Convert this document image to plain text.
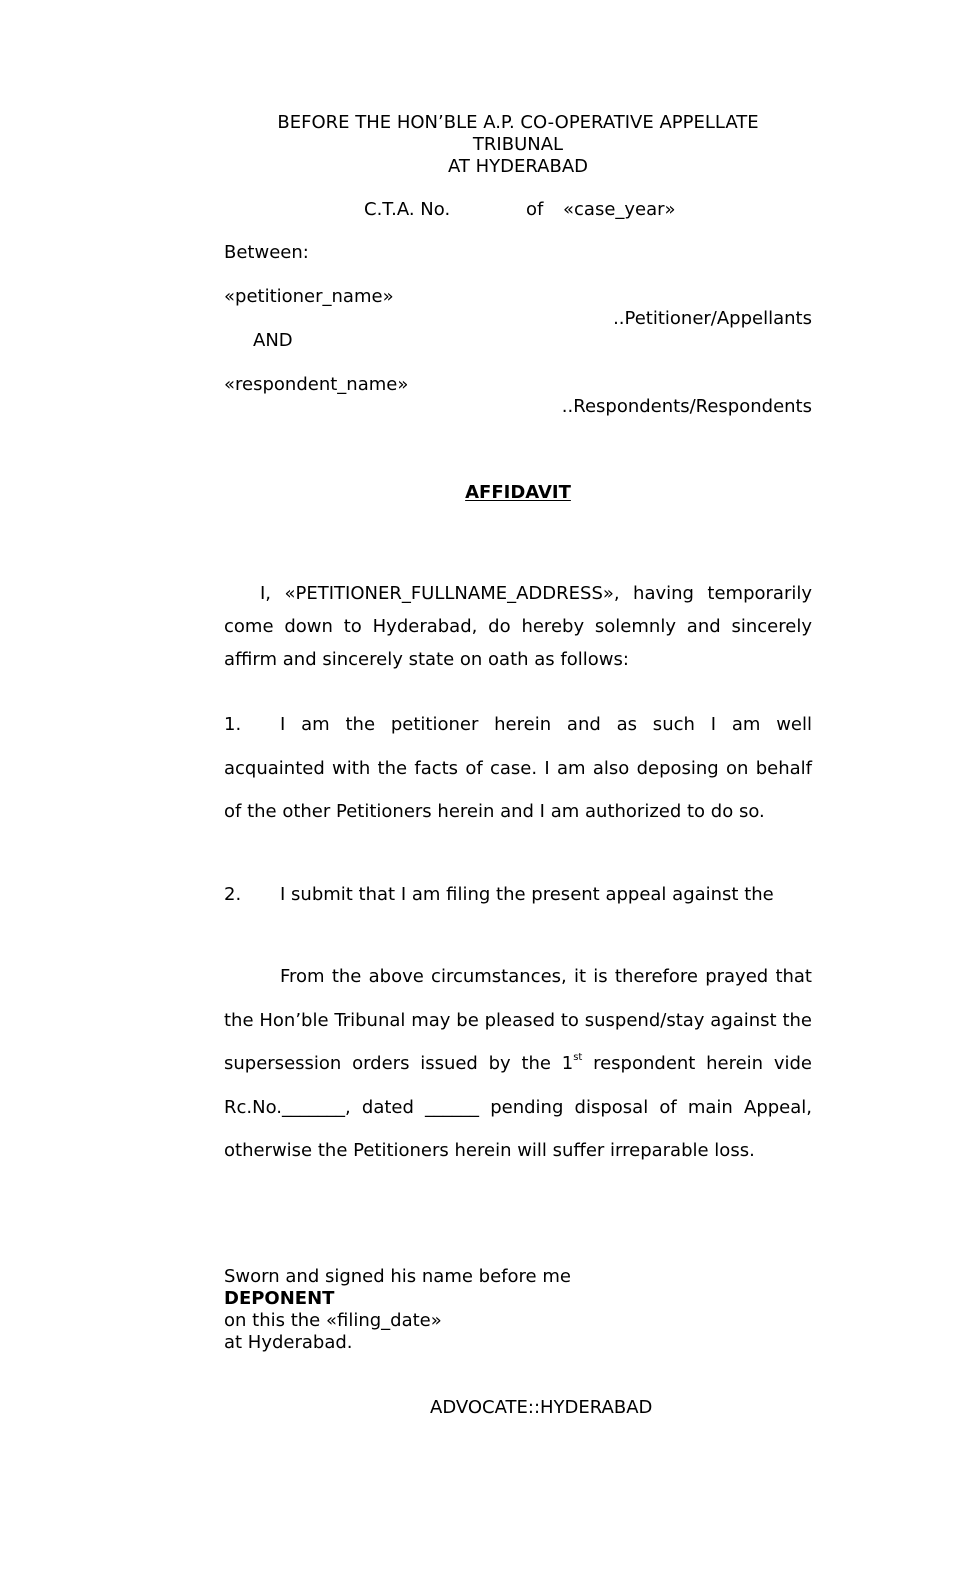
BEFORE THE HON’BLE A.P. CO-OPERATIVE APPELLATE
TRIBUNAL
AT HYDERABAD
C.T.A. No.	of «case_year»
Between:
«petitioner_name»
..Petitioner/Appellants
AND
«respondent_name»
..Respondents/Respondents
AFFIDAVIT
I, «PETITIONER_FULLNAME_ADDRESS», having temporarily come down to Hyderabad, do hereby solemnly and sincerely affirm and sincerely state on oath as follows:
1. I am the petitioner herein and as such I am well acquainted with the facts of case. I am also deposing on behalf of the other Petitioners herein and I am authorized to do so.
2. I submit that I am filing the present appeal against the
From the above circumstances, it is therefore prayed that the Hon’ble Tribunal may be pleased to suspend/stay against the supersession orders issued by the 1st respondent herein vide Rc.No._______, dated ______ pending disposal of main Appeal, otherwise the Petitioners herein will suffer irreparable loss.
Sworn and signed his name before me
DEPONENT
on this the «filing_date»
at Hyderabad.
ADVOCATE::HYDERABAD
